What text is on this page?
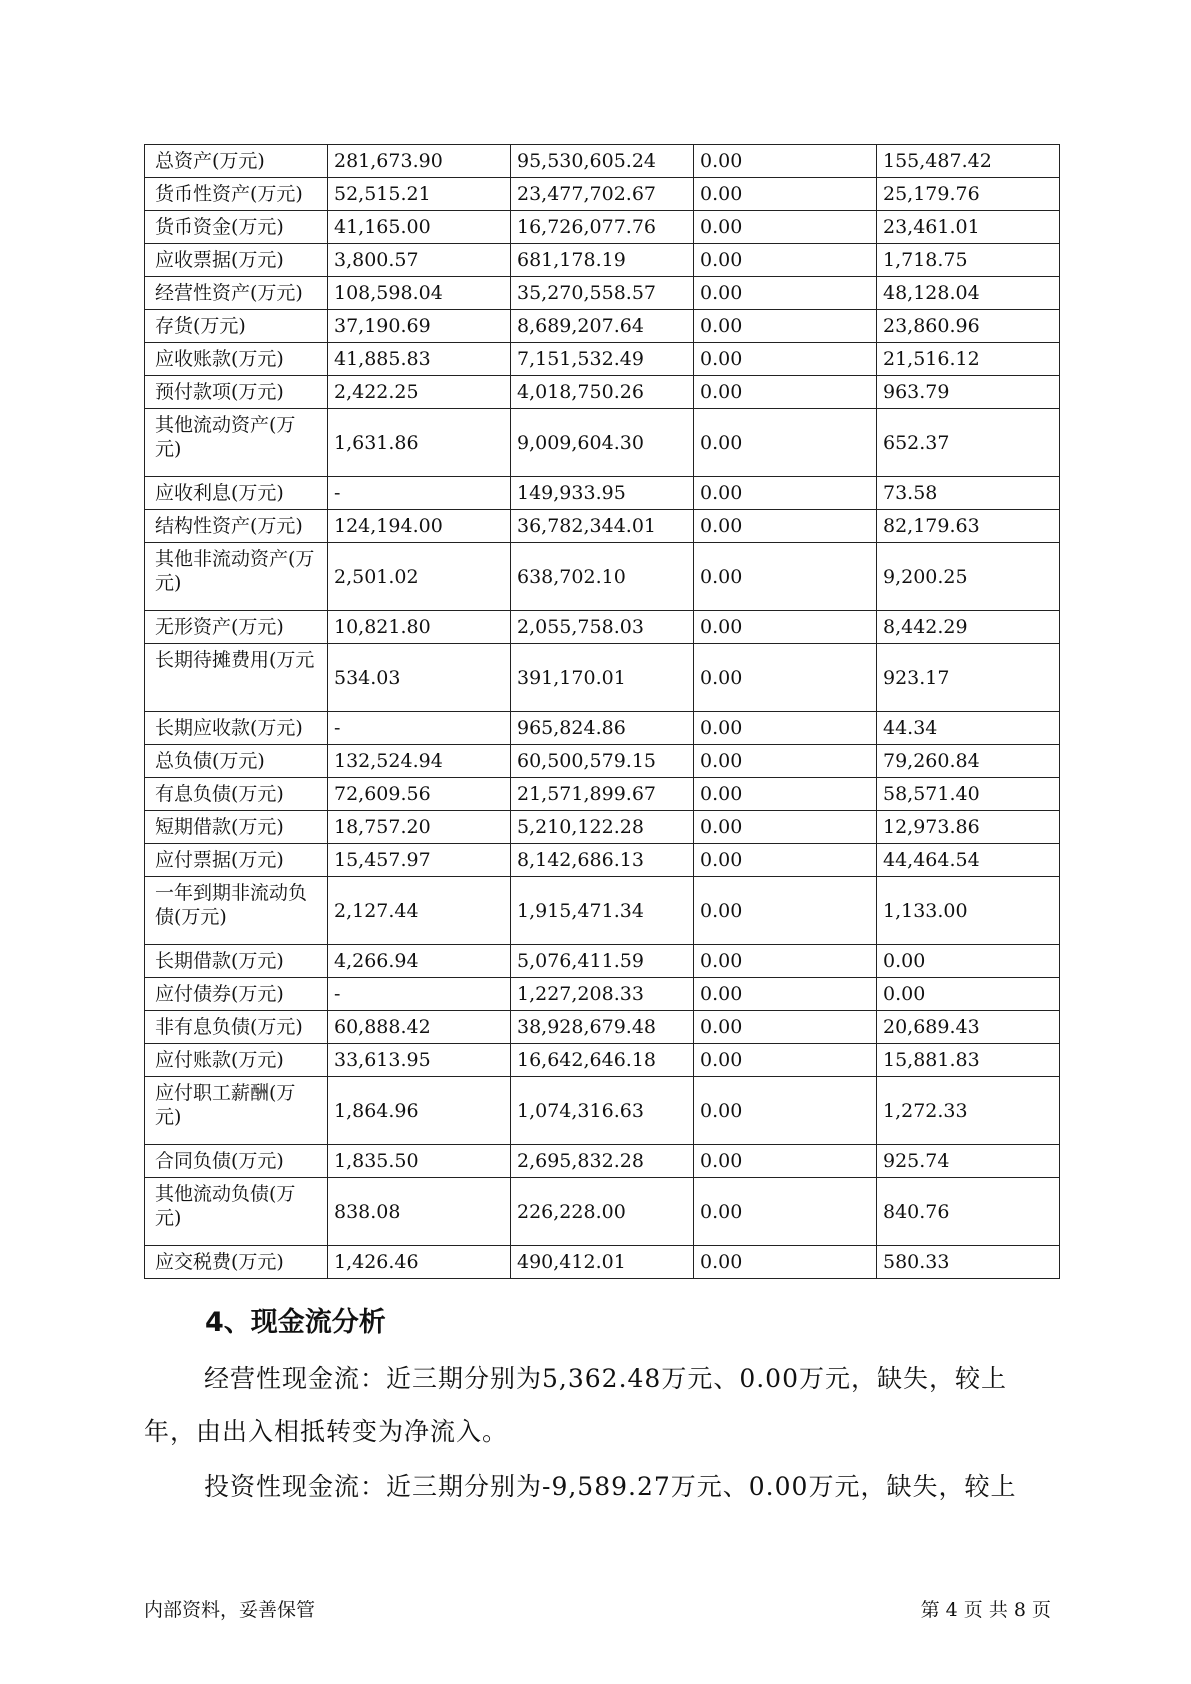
总资产(万元)	281,673.90	95,530,605.24	0.00	155,487.42
货币性资产(万元)	52,515.21	23,477,702.67	0.00	25,179.76
货币资金(万元)	41,165.00	16,726,077.76	0.00	23,461.01
应收票据(万元)	3,800.57	681,178.19	0.00	1,718.75
经营性资产(万元)	108,598.04	35,270,558.57	0.00	48,128.04
存货(万元)	37,190.69	8,689,207.64	0.00	23,860.96
应收账款(万元)	41,885.83	7,151,532.49	0.00	21,516.12
预付款项(万元)	2,422.25	4,018,750.26	0.00	963.79
其他流动资产(万元)	1,631.86	9,009,604.30	0.00	652.37
应收利息(万元)	-	149,933.95	0.00	73.58
结构性资产(万元)	124,194.00	36,782,344.01	0.00	82,179.63
其他非流动资产(万元)	2,501.02	638,702.10	0.00	9,200.25
无形资产(万元)	10,821.80	2,055,758.03	0.00	8,442.29
长期待摊费用(万元	534.03	391,170.01	0.00	923.17
长期应收款(万元)	-	965,824.86	0.00	44.34
总负债(万元)	132,524.94	60,500,579.15	0.00	79,260.84
有息负债(万元)	72,609.56	21,571,899.67	0.00	58,571.40
短期借款(万元)	18,757.20	5,210,122.28	0.00	12,973.86
应付票据(万元)	15,457.97	8,142,686.13	0.00	44,464.54
一年到期非流动负债(万元)	2,127.44	1,915,471.34	0.00	1,133.00
长期借款(万元)	4,266.94	5,076,411.59	0.00	0.00
应付债券(万元)	-	1,227,208.33	0.00	0.00
非有息负债(万元)	60,888.42	38,928,679.48	0.00	20,689.43
应付账款(万元)	33,613.95	16,642,646.18	0.00	15,881.83
应付职工薪酬(万元)	1,864.96	1,074,316.63	0.00	1,272.33
合同负债(万元)	1,835.50	2,695,832.28	0.00	925.74
其他流动负债(万元)	838.08	226,228.00	0.00	840.76
应交税费(万元)	1,426.46	490,412.01	0.00	580.33
4、现金流分析

经营性现金流：近三期分别为5,362.48万元、0.00万元，缺失，较上年，由出入相抵转变为净流入。

投资性现金流：近三期分别为-9,589.27万元、0.00万元，缺失，较上

内部资料，妥善保管	第 4 页 共 8 页
